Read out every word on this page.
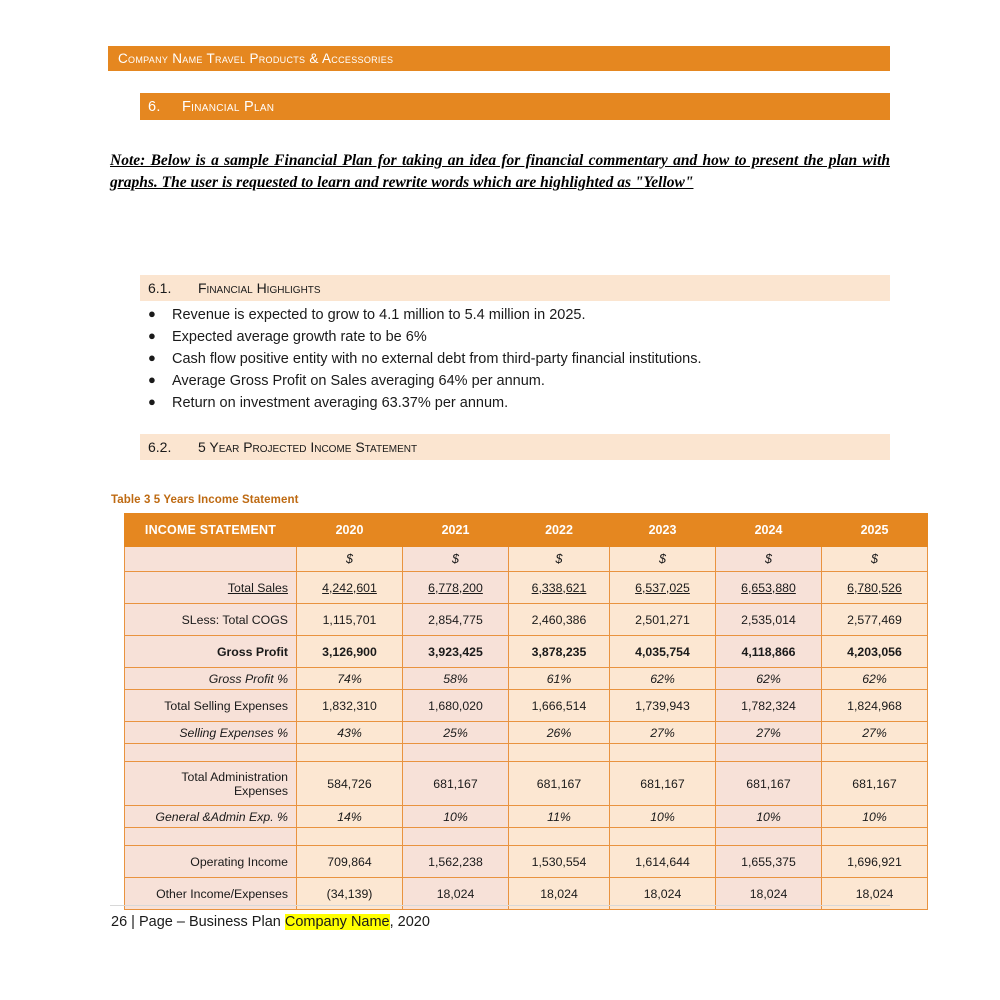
Company Name Travel Products & Accessories
6.	Financial Plan
Note: Below is a sample Financial Plan for taking an idea for financial commentary and how to present the plan with graphs. The user is requested to learn and rewrite words which are highlighted as "Yellow"
6.1.	Financial Highlights
●	Revenue is expected to grow to 4.1 million to 5.4 million in 2025.
●	Expected average growth rate to be 6%
●	Cash flow positive entity with no external debt from third-party financial institutions.
●	Average Gross Profit on Sales averaging 64% per annum.
●	Return on investment averaging 63.37% per annum.
6.2.	5 Year Projected Income Statement
Table 3 5 Years Income Statement
INCOME STATEMENT	2020	2021	2022	2023	2024	2025
	$	$	$	$	$	$
Total Sales	4,242,601	6,778,200	6,338,621	6,537,025	6,653,880	6,780,526
SLess: Total COGS	1,115,701	2,854,775	2,460,386	2,501,271	2,535,014	2,577,469
Gross Profit	3,126,900	3,923,425	3,878,235	4,035,754	4,118,866	4,203,056
Gross Profit %	74%	58%	61%	62%	62%	62%
Total Selling Expenses	1,832,310	1,680,020	1,666,514	1,739,943	1,782,324	1,824,968
Selling Expenses %	43%	25%	26%	27%	27%	27%

Total Administration Expenses	584,726	681,167	681,167	681,167	681,167	681,167
General &Admin Exp. %	14%	10%	11%	10%	10%	10%

Operating Income	709,864	1,562,238	1,530,554	1,614,644	1,655,375	1,696,921
Other Income/Expenses	(34,139)	18,024	18,024	18,024	18,024	18,024
26 | Page – Business Plan Company Name, 2020
